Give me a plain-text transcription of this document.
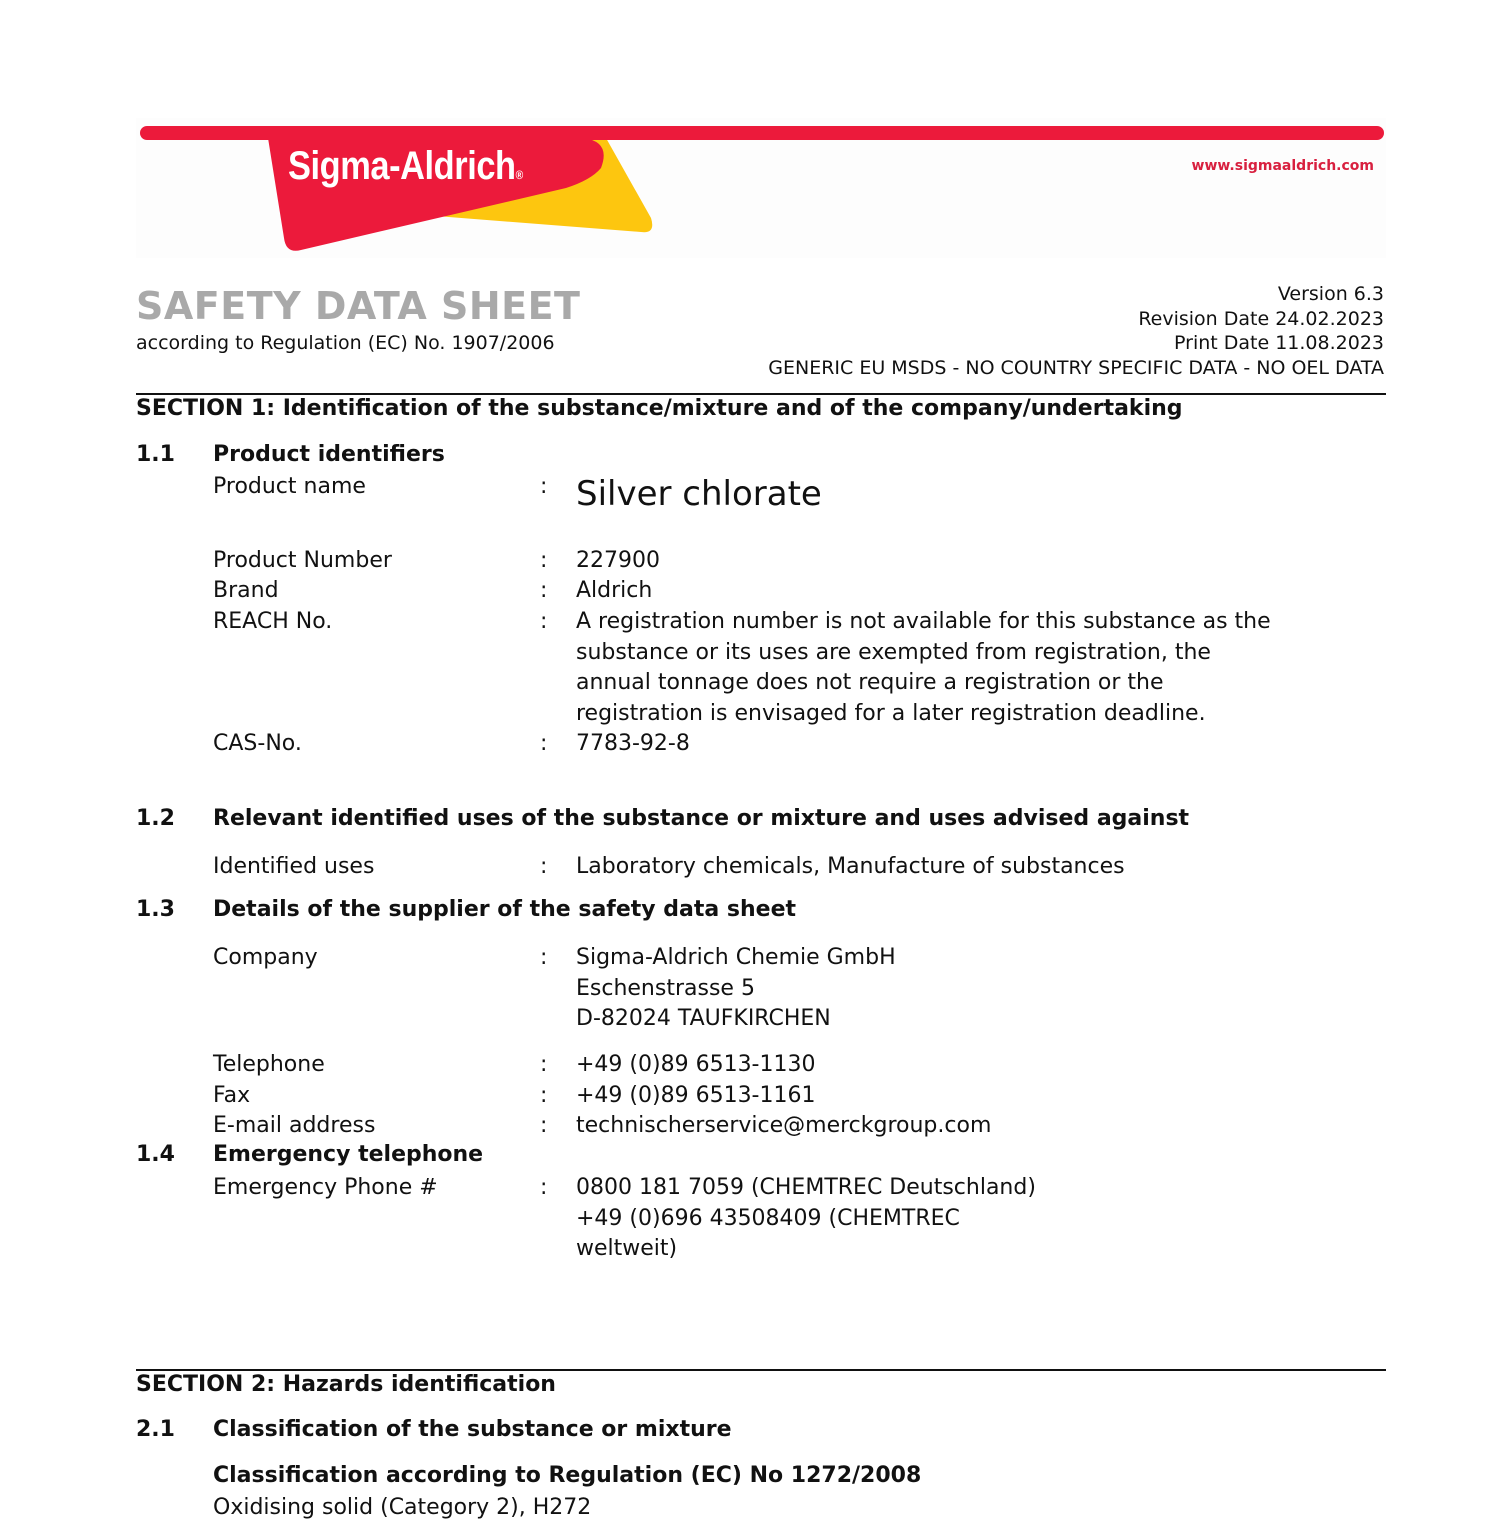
Sigma-Aldrich®
www.sigmaaldrich.com
SAFETY DATA SHEET
according to Regulation (EC) No. 1907/2006
Version 6.3
Revision Date 24.02.2023
Print Date 11.08.2023
GENERIC EU MSDS - NO COUNTRY SPECIFIC DATA - NO OEL DATA
SECTION 1: Identification of the substance/mixture and of the company/undertaking
1.1 Product identifiers
Product name	: Silver chlorate
Product Number	: 227900
Brand	: Aldrich
REACH No.	: A registration number is not available for this substance as the
substance or its uses are exempted from registration, the
annual tonnage does not require a registration or the
registration is envisaged for a later registration deadline.
CAS-No.	: 7783-92-8
1.2 Relevant identified uses of the substance or mixture and uses advised against
Identified uses	: Laboratory chemicals, Manufacture of substances
1.3 Details of the supplier of the safety data sheet
Company	: Sigma-Aldrich Chemie GmbH
Eschenstrasse 5
D-82024 TAUFKIRCHEN
Telephone	: +49 (0)89 6513-1130
Fax	: +49 (0)89 6513-1161
E-mail address	: technischerservice@merckgroup.com
1.4 Emergency telephone
Emergency Phone #	: 0800 181 7059 (CHEMTREC Deutschland)
+49 (0)696 43508409 (CHEMTREC
weltweit)
SECTION 2: Hazards identification
2.1 Classification of the substance or mixture
Classification according to Regulation (EC) No 1272/2008
Oxidising solid (Category 2), H272
